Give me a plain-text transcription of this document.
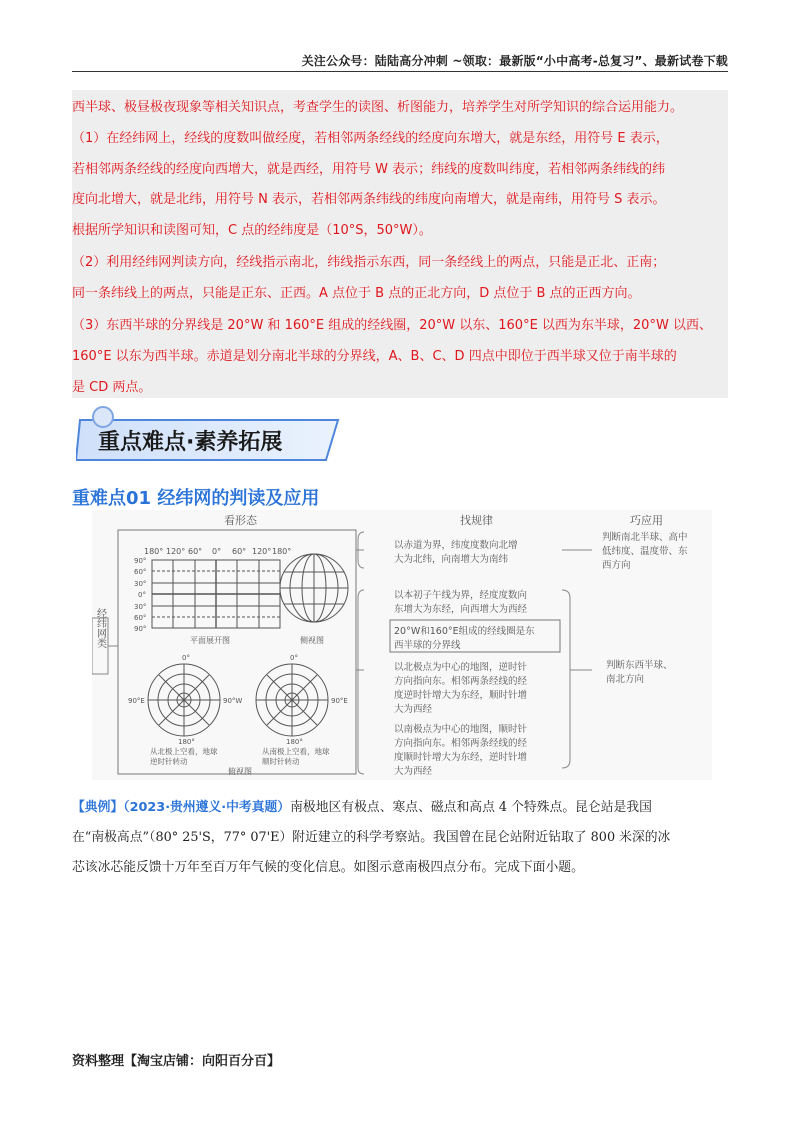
关注公众号：陆陆高分冲刺 ~领取：最新版“小中高考-总复习”、最新试卷下载

西半球、极昼极夜现象等相关知识点，考查学生的读图、析图能力，培养学生对所学知识的综合运用能力。

（1）在经纬网上，经线的度数叫做经度，若相邻两条经线的经度向东增大，就是东经，用符号 E 表示，

若相邻两条经线的经度向西增大，就是西经，用符号 W 表示；纬线的度数叫纬度，若相邻两条纬线的纬

度向北增大，就是北纬，用符号 N 表示，若相邻两条纬线的纬度向南增大，就是南纬，用符号 S 表示。

根据所学知识和读图可知，C 点的经纬度是（10°S，50°W）。

（2）利用经纬网判读方向，经线指示南北，纬线指示东西，同一条经线上的两点，只能是正北、正南；

同一条纬线上的两点，只能是正东、正西。A 点位于 B 点的正北方向，D 点位于 B 点的正西方向。

（3）东西半球的分界线是 20°W 和 160°E 组成的经线圈，20°W 以东、160°E 以西为东半球，20°W 以西、

160°E 以东为西半球。赤道是划分南北半球的分界线，A、B、C、D 四点中即位于西半球又位于南半球的

是 CD 两点。

重点难点·素养拓展
重难点01 经纬网的判读及应用
看形态	找规律	巧应用
经纬网类
180° 120° 60° 0° 60° 120° 180°
90°
60°
30°
0°
30°
60°
90°
平面展开图	侧视图
0°	0°
90°E	90°W	90°E
180°	180°
从北极上空看，地球
逆时针转动
从南极上空看，地球
顺时针转动
俯视图
以赤道为界，纬度度数向北增
大为北纬，向南增大为南纬
以本初子午线为界，经度度数向
东增大为东经，向西增大为西经
20°W和160°E组成的经线圈是东
西半球的分界线
以北极点为中心的地图，逆时针
方向指向东。相邻两条经线的经
度逆时针增大为东经，顺时针增
大为西经
以南极点为中心的地图，顺时针
方向指向东。相邻两条经线的经
度顺时针增大为东经，逆时针增
大为西经
判断南北半球、高中
低纬度、温度带、东
西方向
判断东西半球、
南北方向
【典例】（2023·贵州遵义·中考真题）南极地区有极点、寒点、磁点和高点 4 个特殊点。昆仑站是我国
在“南极高点”（80° 25'S，77° 07'E）附近建立的科学考察站。我国曾在昆仑站附近钻取了 800 米深的冰
芯该冰芯能反馈十万年至百万年气候的变化信息。如图示意南极四点分布。完成下面小题。
资料整理【淘宝店铺：向阳百分百】
